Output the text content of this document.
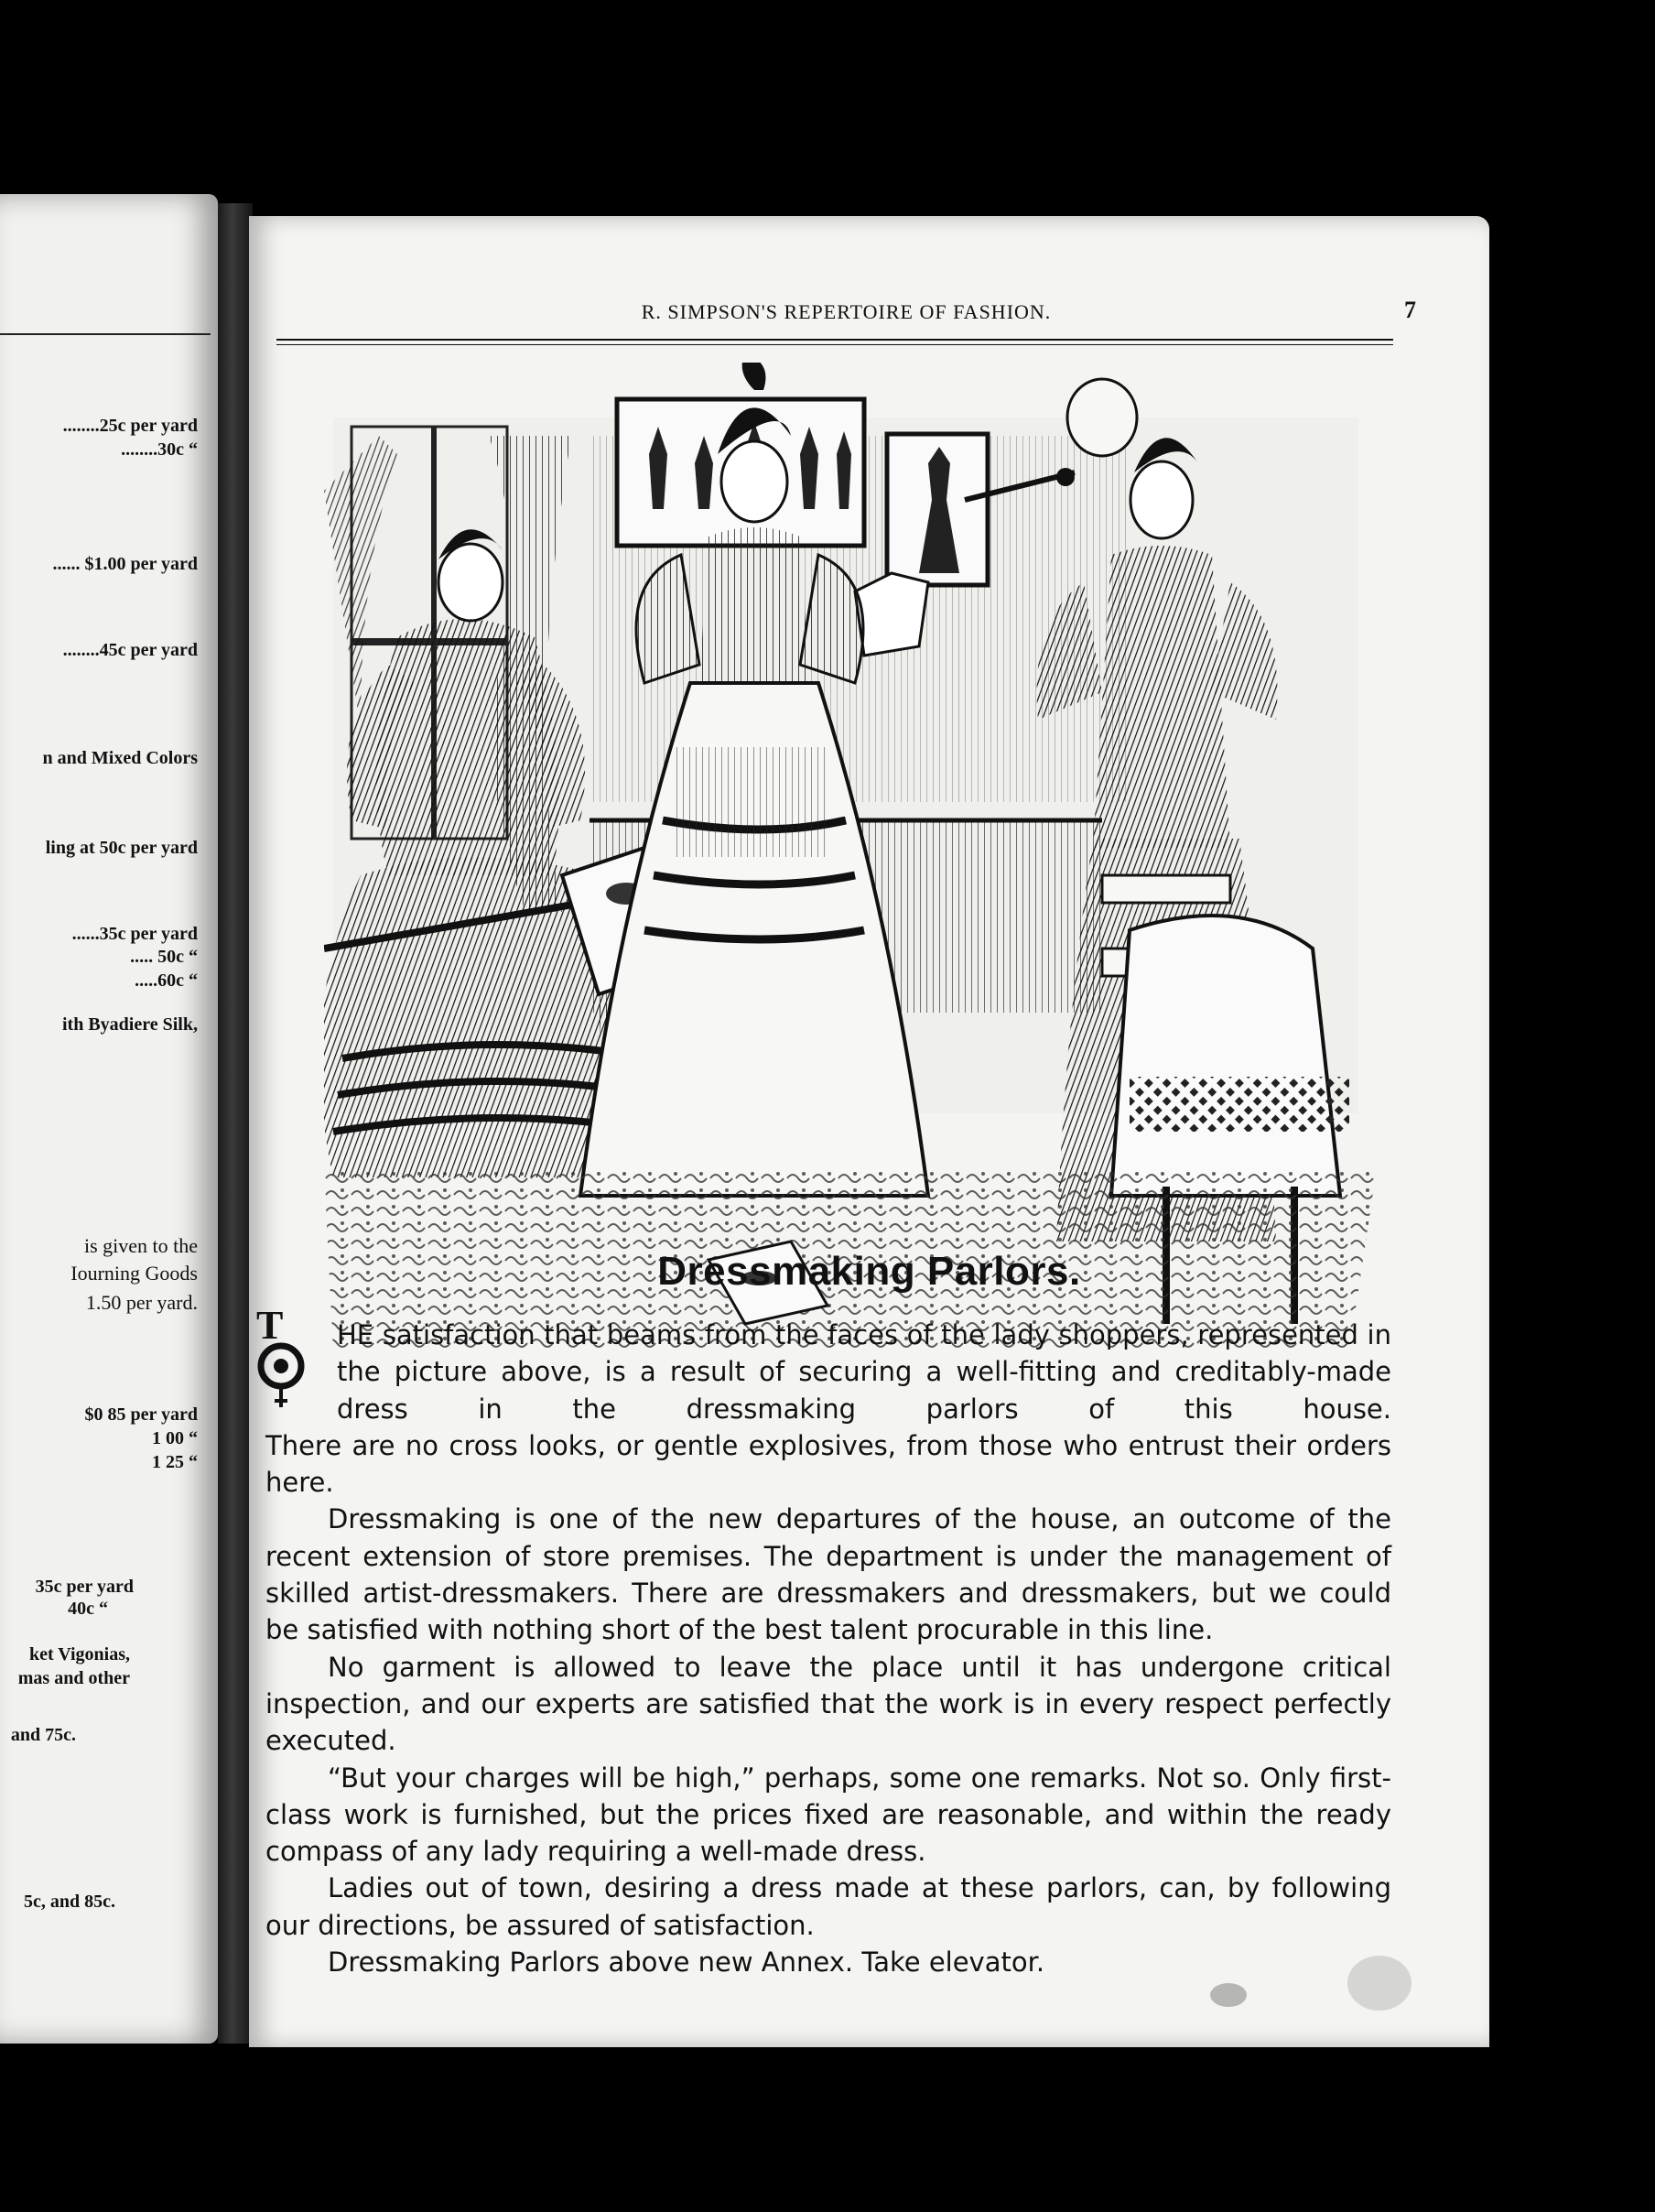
........25c per yard
........30c “
...... $1.00 per yard
........45c per yard
n and Mixed Colors
ling at 50c per yard
......35c per yard
..... 50c “
.....60c “
ith Byadiere Silk,
is given to the
Iourning Goods
1.50 per yard.
$0 85 per yard
1 00 “
1 25 “
35c per yard
40c “
ket Vigonias,
mas and other
and 75c.
5c, and 85c.
R. SIMPSON'S REPERTOIRE OF FASHION.	7
Dressmaking Parlors.
T HE satisfaction that beams from the faces of the lady shoppers, represented in the picture above, is a result of securing a well-fitting and creditably-made dress in the dressmaking parlors of this house.

There are no cross looks, or gentle explosives, from those who entrust their orders here.

Dressmaking is one of the new departures of the house, an outcome of the recent extension of store premises. The department is under the management of skilled artist-dressmakers. There are dressmakers and dressmakers, but we could be satisfied with nothing short of the best talent procurable in this line.

No garment is allowed to leave the place until it has undergone critical inspection, and our experts are satisfied that the work is in every respect perfectly executed.

“But your charges will be high,” perhaps, some one remarks. Not so. Only first-class work is furnished, but the prices fixed are reasonable, and within the ready compass of any lady requiring a well-made dress.

Ladies out of town, desiring a dress made at these parlors, can, by following our directions, be assured of satisfaction.

Dressmaking Parlors above new Annex. Take elevator.
